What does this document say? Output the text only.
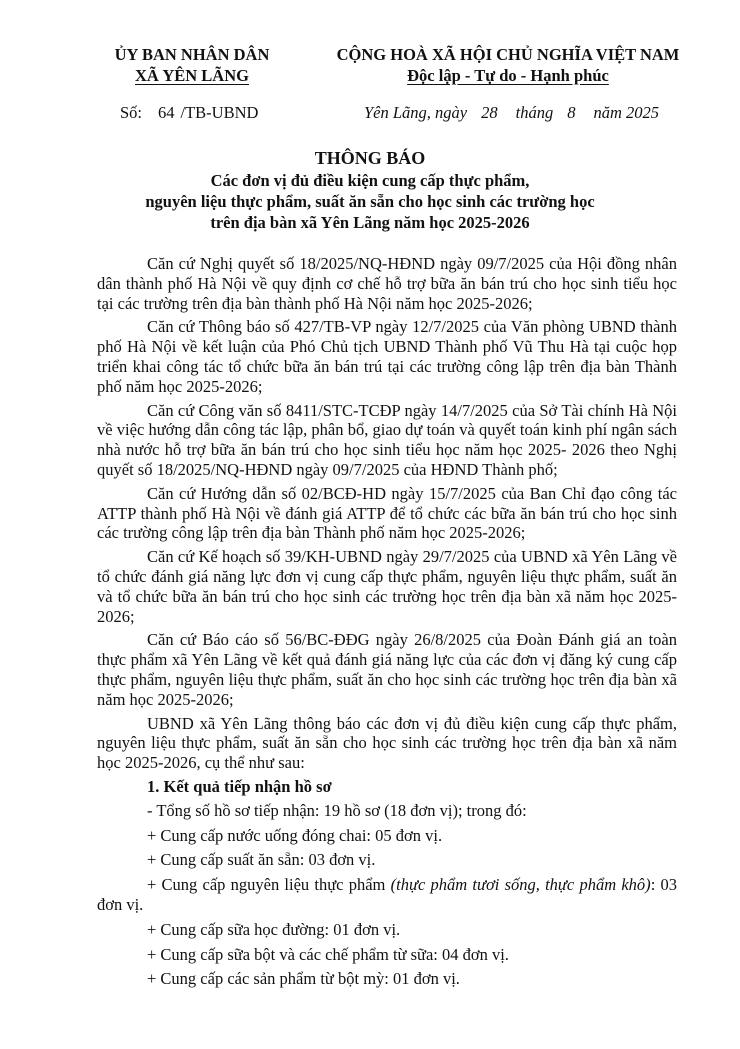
ỦY BAN NHÂN DÂN
XÃ YÊN LÃNG
CỘNG HOÀ XÃ HỘI CHỦ NGHĨA VIỆT NAM
Độc lập - Tự do - Hạnh phúc
Số: 64 /TB-UBND	Yên Lãng, ngày 28 tháng 8 năm 2025
THÔNG BÁO
Các đơn vị đủ điều kiện cung cấp thực phẩm,
nguyên liệu thực phẩm, suất ăn sẵn cho học sinh các trường học
trên địa bàn xã Yên Lãng năm học 2025-2026

Căn cứ Nghị quyết số 18/2025/NQ-HĐND ngày 09/7/2025 của Hội đồng nhân dân thành phố Hà Nội về quy định cơ chế hỗ trợ bữa ăn bán trú cho học sinh tiểu học tại các trường trên địa bàn thành phố Hà Nội năm học 2025-2026;

Căn cứ Thông báo số 427/TB-VP ngày 12/7/2025 của Văn phòng UBND thành phố Hà Nội về kết luận của Phó Chủ tịch UBND Thành phố Vũ Thu Hà tại cuộc họp triển khai công tác tổ chức bữa ăn bán trú tại các trường công lập trên địa bàn Thành phố năm học 2025-2026;

Căn cứ Công văn số 8411/STC-TCĐP ngày 14/7/2025 của Sở Tài chính Hà Nội về việc hướng dẫn công tác lập, phân bổ, giao dự toán và quyết toán kinh phí ngân sách nhà nước hỗ trợ bữa ăn bán trú cho học sinh tiểu học năm học 2025- 2026 theo Nghị quyết số 18/2025/NQ-HĐND ngày 09/7/2025 của HĐND Thành phố;

Căn cứ Hướng dẫn số 02/BCĐ-HD ngày 15/7/2025 của Ban Chỉ đạo công tác ATTP thành phố Hà Nội về đánh giá ATTP để tổ chức các bữa ăn bán trú cho học sinh các trường công lập trên địa bàn Thành phố năm học 2025-2026;

Căn cứ Kế hoạch số 39/KH-UBND ngày 29/7/2025 của UBND xã Yên Lãng về tổ chức đánh giá năng lực đơn vị cung cấp thực phẩm, nguyên liệu thực phẩm, suất ăn và tổ chức bữa ăn bán trú cho học sinh các trường học trên địa bàn xã năm học 2025-2026;

Căn cứ Báo cáo số 56/BC-ĐĐG ngày 26/8/2025 của Đoàn Đánh giá an toàn thực phẩm xã Yên Lãng về kết quả đánh giá năng lực của các đơn vị đăng ký cung cấp thực phẩm, nguyên liệu thực phẩm, suất ăn cho học sinh các trường học trên địa bàn xã năm học 2025-2026;

UBND xã Yên Lãng thông báo các đơn vị đủ điều kiện cung cấp thực phẩm, nguyên liệu thực phẩm, suất ăn sẵn cho học sinh các trường học trên địa bàn xã năm học 2025-2026, cụ thể như sau:

1. Kết quả tiếp nhận hồ sơ

- Tổng số hồ sơ tiếp nhận: 19 hồ sơ (18 đơn vị); trong đó:

+ Cung cấp nước uống đóng chai: 05 đơn vị.

+ Cung cấp suất ăn sẵn: 03 đơn vị.

+ Cung cấp nguyên liệu thực phẩm (thực phẩm tươi sống, thực phẩm khô): 03 đơn vị.

+ Cung cấp sữa học đường: 01 đơn vị.

+ Cung cấp sữa bột và các chế phẩm từ sữa: 04 đơn vị.

+ Cung cấp các sản phẩm từ bột mỳ: 01 đơn vị.
